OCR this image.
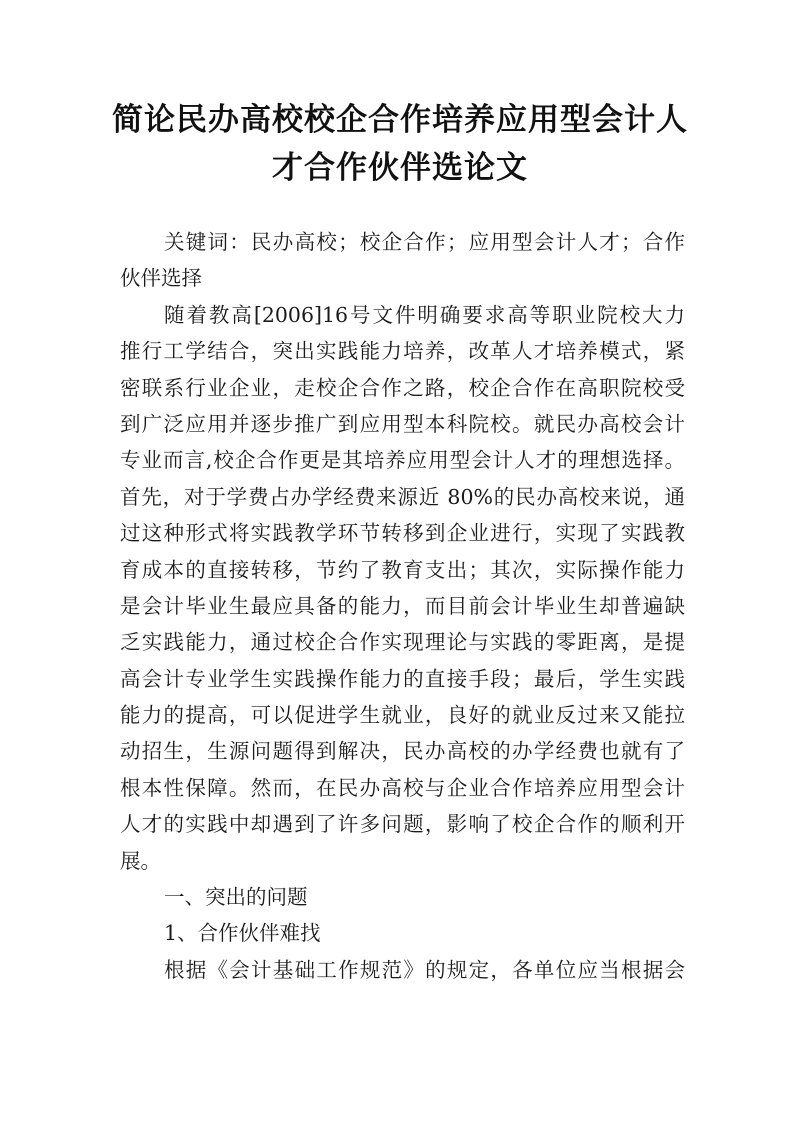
简论民办高校校企合作培养应用型会计人
才合作伙伴选论文
关键词：民办高校；校企合作；应用型会计人才；合作
伙伴选择
随着教高[2006]16号文件明确要求高等职业院校大力
推行工学结合，突出实践能力培养，改革人才培养模式，紧
密联系行业企业，走校企合作之路，校企合作在高职院校受
到广泛应用并逐步推广到应用型本科院校。就民办高校会计
专业而言,校企合作更是其培养应用型会计人才的理想选择。
首先，对于学费占办学经费来源近 80%的民办高校来说，通
过这种形式将实践教学环节转移到企业进行，实现了实践教
育成本的直接转移，节约了教育支出；其次，实际操作能力
是会计毕业生最应具备的能力，而目前会计毕业生却普遍缺
乏实践能力，通过校企合作实现理论与实践的零距离，是提
高会计专业学生实践操作能力的直接手段；最后，学生实践
能力的提高，可以促进学生就业，良好的就业反过来又能拉
动招生，生源问题得到解决，民办高校的办学经费也就有了
根本性保障。然而，在民办高校与企业合作培养应用型会计
人才的实践中却遇到了许多问题，影响了校企合作的顺利开
展。
一、突出的问题
1、合作伙伴难找
根据《会计基础工作规范》的规定，各单位应当根据会
